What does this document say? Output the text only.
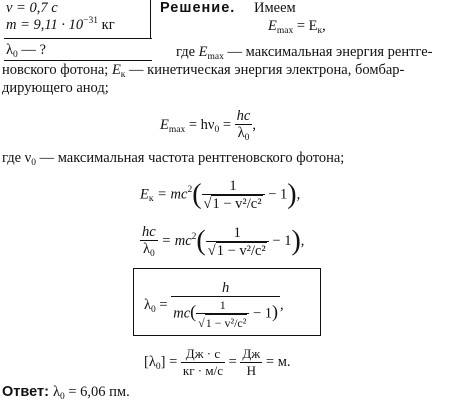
v = 0,7 c
$m = 9,11 \cdot 10^{-31}$ кг
$\lambda_0$ — ?
Решение. Имеем
$E_{max} = E_к$,
где $E_{max}$ — максимальная энергия рентге-
новского фотона; $E_к$ — кинетическая энергия электрона, бомбар-
дирующего анод;
$E_{max} = h\nu_0 = \frac{hc}{\lambda_0}$ ,
где $\nu_0$ — максимальная частота рентгеновского фотона;
$E_к = mc^2( \frac{1}{\text{√1 − v²/c²}} - 1)$,
$\frac{hc}{\lambda_0} = mc^2( \frac{1}{\text{√1 − v²/c²}} - 1)$,
$\lambda_0 = \frac{h}{mc( \frac{1}{\text{√1 − v²/c²}} - 1)}$ ,
$[\lambda_0] = \frac{Дж \cdot с}{кг \cdot м/с} = \frac{Дж}{Н} = м$.
Ответ: $\lambda_0 = 6,06$ пм.
